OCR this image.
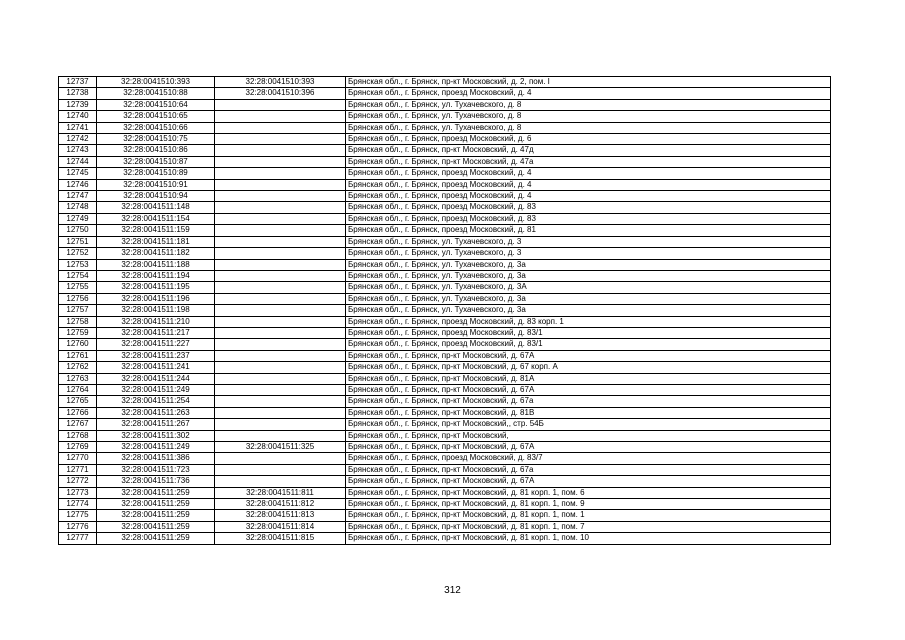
12737	32:28:0041510:393	32:28:0041510:393	Брянская обл., г. Брянск, пр-кт Московский, д. 2, пом. I
12738	32:28:0041510:88	32:28:0041510:396	Брянская обл., г. Брянск, проезд Московский, д. 4
12739	32:28:0041510:64		Брянская обл., г. Брянск, ул. Тухачевского, д. 8
12740	32:28:0041510:65		Брянская обл., г. Брянск, ул. Тухачевского, д. 8
12741	32:28:0041510:66		Брянская обл., г. Брянск, ул. Тухачевского, д. 8
12742	32:28:0041510:75		Брянская обл., г. Брянск, проезд Московский, д. 6
12743	32:28:0041510:86		Брянская обл., г. Брянск, пр-кт Московский, д. 47д
12744	32:28:0041510:87		Брянская обл., г. Брянск, пр-кт Московский, д. 47а
12745	32:28:0041510:89		Брянская обл., г. Брянск, проезд Московский, д. 4
12746	32:28:0041510:91		Брянская обл., г. Брянск, проезд Московский, д. 4
12747	32:28:0041510:94		Брянская обл., г. Брянск, проезд Московский, д. 4
12748	32:28:0041511:148		Брянская обл., г. Брянск, проезд Московский, д. 83
12749	32:28:0041511:154		Брянская обл., г. Брянск, проезд Московский, д. 83
12750	32:28:0041511:159		Брянская обл., г. Брянск, проезд Московский, д. 81
12751	32:28:0041511:181		Брянская обл., г. Брянск, ул. Тухачевского, д. 3
12752	32:28:0041511:182		Брянская обл., г. Брянск, ул. Тухачевского, д. 3
12753	32:28:0041511:188		Брянская обл., г. Брянск, ул. Тухачевского, д. 3а
12754	32:28:0041511:194		Брянская обл., г. Брянск, ул. Тухачевского, д. 3а
12755	32:28:0041511:195		Брянская обл., г. Брянск, ул. Тухачевского, д. 3А
12756	32:28:0041511:196		Брянская обл., г. Брянск, ул. Тухачевского, д. 3а
12757	32:28:0041511:198		Брянская обл., г. Брянск, ул. Тухачевского, д. 3а
12758	32:28:0041511:210		Брянская обл., г. Брянск, проезд Московский, д. 83 корп. 1
12759	32:28:0041511:217		Брянская обл., г. Брянск, проезд Московский, д. 83/1
12760	32:28:0041511:227		Брянская обл., г. Брянск, проезд Московский, д. 83/1
12761	32:28:0041511:237		Брянская обл., г. Брянск, пр-кт Московский, д. 67А
12762	32:28:0041511:241		Брянская обл., г. Брянск, пр-кт Московский, д. 67 корп. А
12763	32:28:0041511:244		Брянская обл., г. Брянск, пр-кт Московский, д. 81А
12764	32:28:0041511:249		Брянская обл., г. Брянск, пр-кт Московский, д. 67А
12765	32:28:0041511:254		Брянская обл., г. Брянск, пр-кт Московский, д. 67а
12766	32:28:0041511:263		Брянская обл., г. Брянск, пр-кт Московский, д. 81В
12767	32:28:0041511:267		Брянская обл., г. Брянск, пр-кт Московский,, стр. 54Б
12768	32:28:0041511:302		Брянская обл., г. Брянск, пр-кт Московский,
12769	32:28:0041511:249	32:28:0041511:325	Брянская обл., г. Брянск, пр-кт Московский, д. 67А
12770	32:28:0041511:386		Брянская обл., г. Брянск, проезд Московский, д. 83/7
12771	32:28:0041511:723		Брянская обл., г. Брянск, пр-кт Московский, д. 67а
12772	32:28:0041511:736		Брянская обл., г. Брянск, пр-кт Московский, д. 67А
12773	32:28:0041511:259	32:28:0041511:811	Брянская обл., г. Брянск, пр-кт Московский, д. 81 корп. 1, пом. 6
12774	32:28:0041511:259	32:28:0041511:812	Брянская обл., г. Брянск, пр-кт Московский, д. 81 корп. 1, пом. 9
12775	32:28:0041511:259	32:28:0041511:813	Брянская обл., г. Брянск, пр-кт Московский, д. 81 корп. 1, пом. 1
12776	32:28:0041511:259	32:28:0041511:814	Брянская обл., г. Брянск, пр-кт Московский, д. 81 корп. 1, пом. 7
12777	32:28:0041511:259	32:28:0041511:815	Брянская обл., г. Брянск, пр-кт Московский, д. 81 корп. 1, пом. 10
312
